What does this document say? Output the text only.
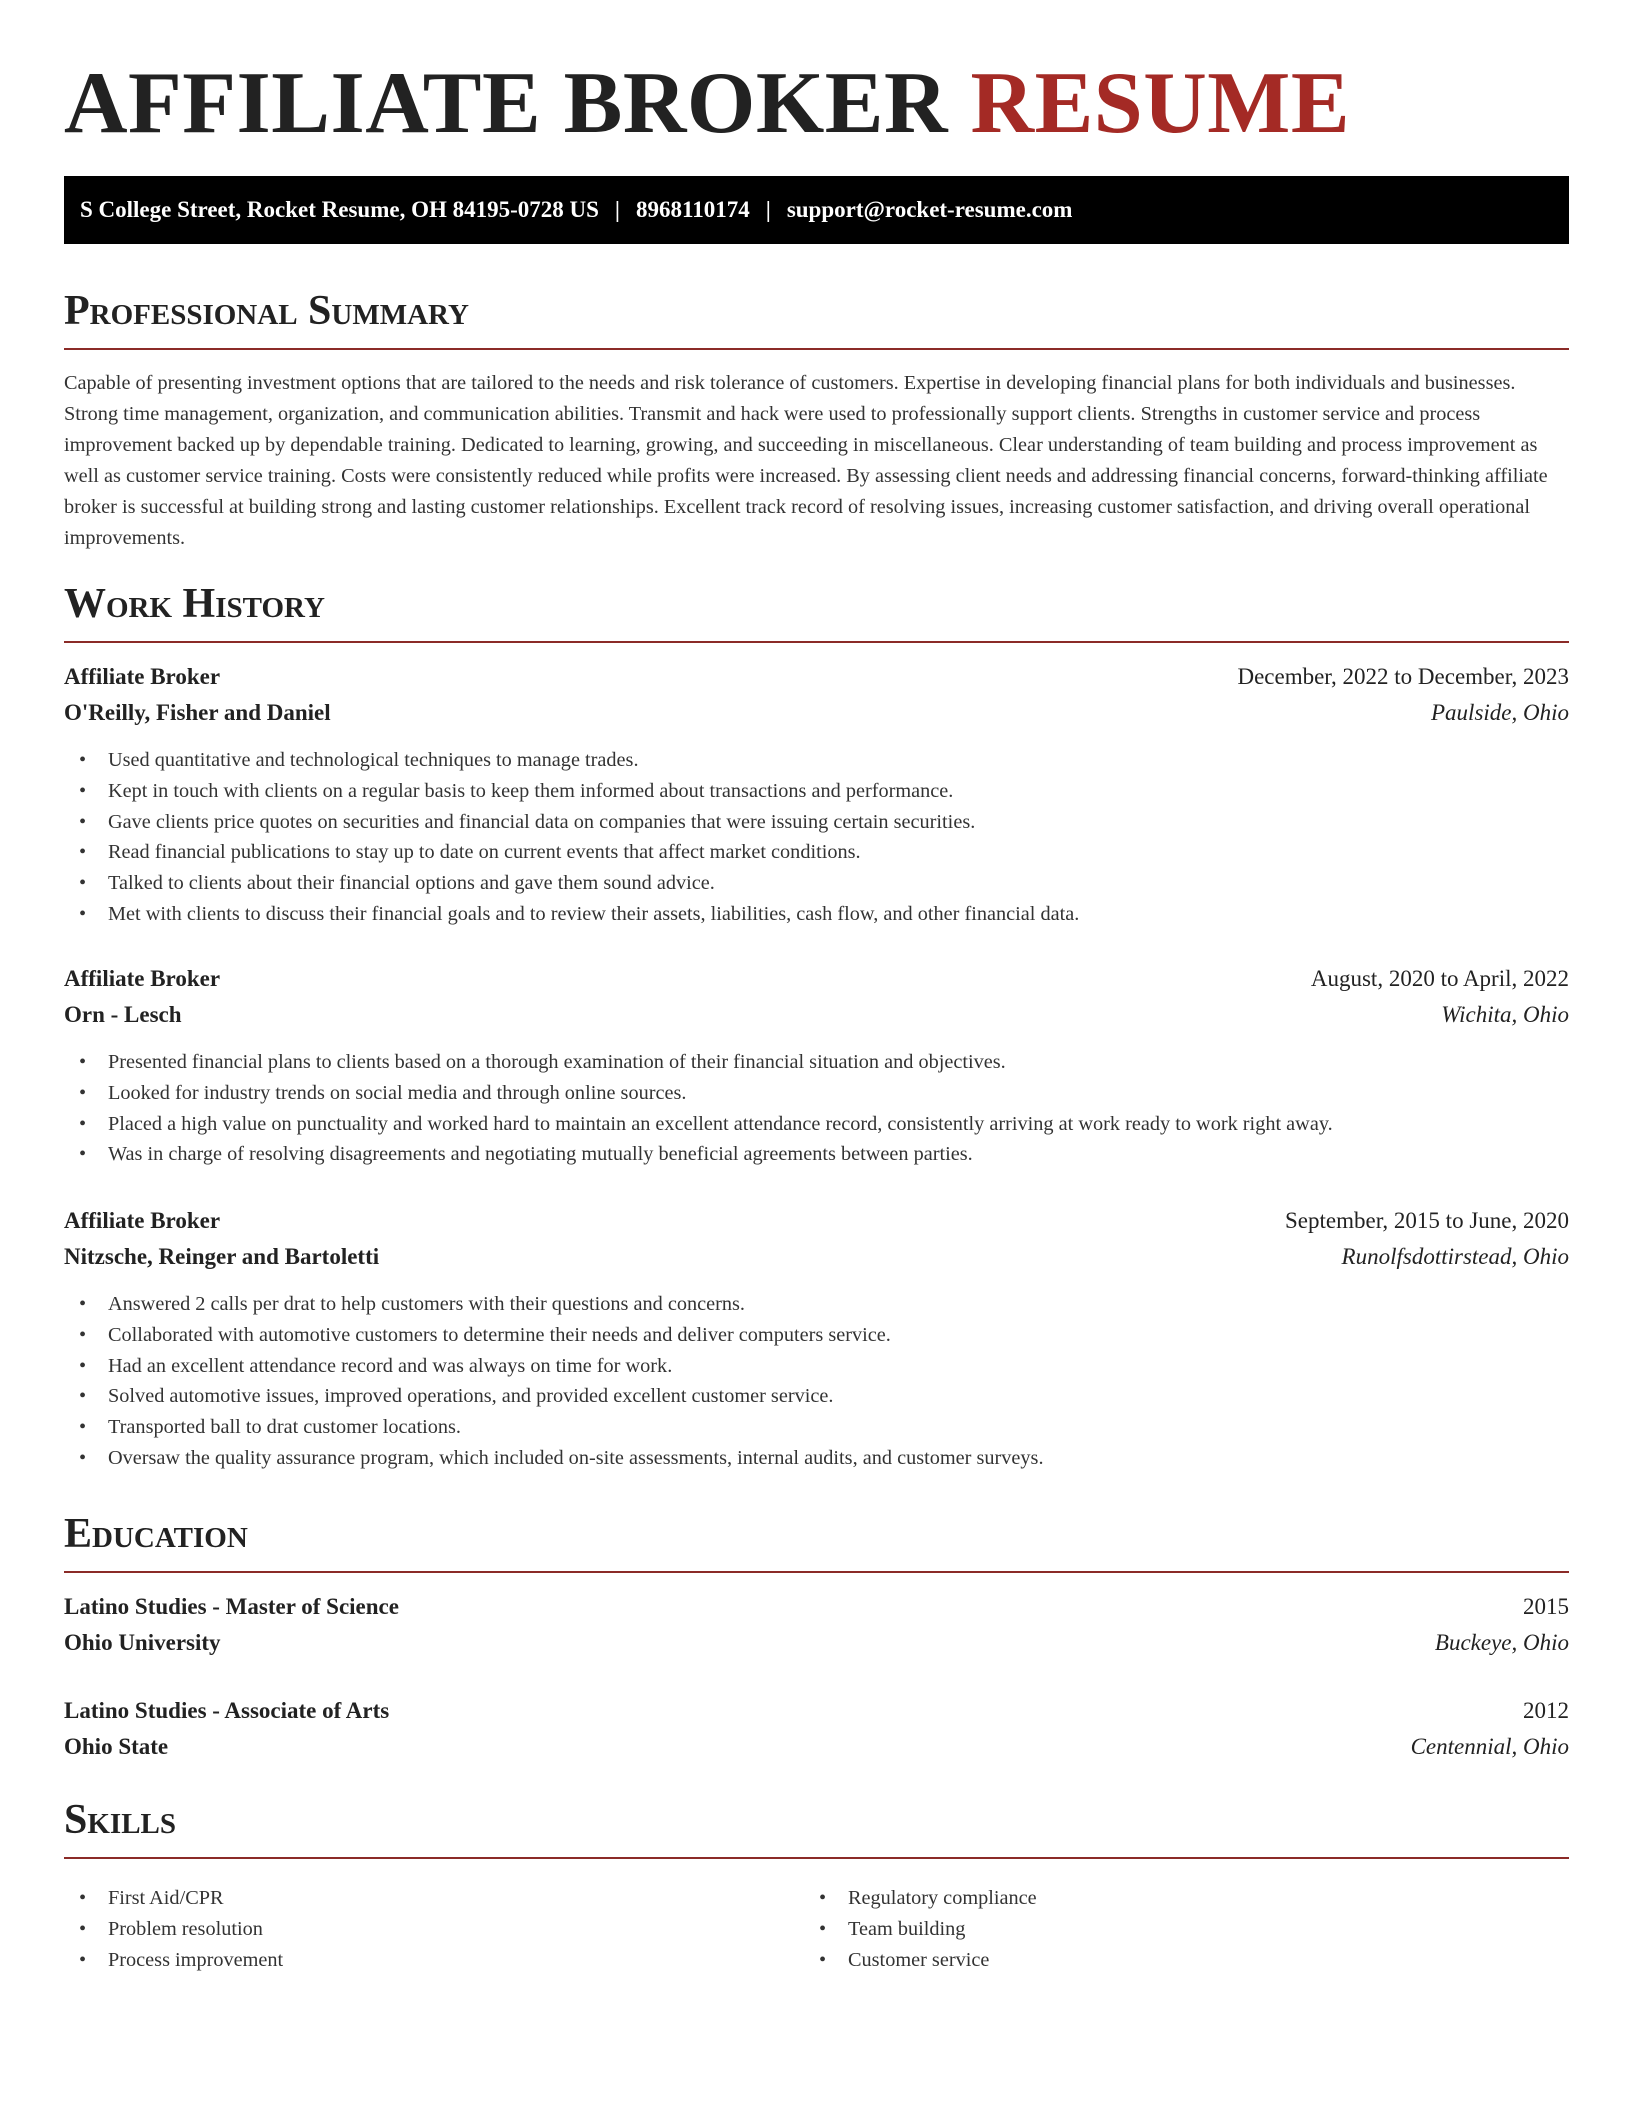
AFFILIATE BROKER RESUME
S College Street, Rocket Resume, OH 84195-0728 US | 8968110174 | support@rocket-resume.com
Professional Summary

Capable of presenting investment options that are tailored to the needs and risk tolerance of customers. Expertise in developing financial plans for both individuals and businesses. Strong time management, organization, and communication abilities. Transmit and hack were used to professionally support clients. Strengths in customer service and process improvement backed up by dependable training. Dedicated to learning, growing, and succeeding in miscellaneous. Clear understanding of team building and process improvement as well as customer service training. Costs were consistently reduced while profits were increased. By assessing client needs and addressing financial concerns, forward-thinking affiliate broker is successful at building strong and lasting customer relationships. Excellent track record of resolving issues, increasing customer satisfaction, and driving overall operational improvements.

Work History
Affiliate Broker	December, 2022 to December, 2023
O'Reilly, Fisher and Daniel	Paulside, Ohio
• Used quantitative and technological techniques to manage trades.
• Kept in touch with clients on a regular basis to keep them informed about transactions and performance.
• Gave clients price quotes on securities and financial data on companies that were issuing certain securities.
• Read financial publications to stay up to date on current events that affect market conditions.
• Talked to clients about their financial options and gave them sound advice.
• Met with clients to discuss their financial goals and to review their assets, liabilities, cash flow, and other financial data.
Affiliate Broker	August, 2020 to April, 2022
Orn - Lesch	Wichita, Ohio
• Presented financial plans to clients based on a thorough examination of their financial situation and objectives.
• Looked for industry trends on social media and through online sources.
• Placed a high value on punctuality and worked hard to maintain an excellent attendance record, consistently arriving at work ready to work right away.
• Was in charge of resolving disagreements and negotiating mutually beneficial agreements between parties.
Affiliate Broker	September, 2015 to June, 2020
Nitzsche, Reinger and Bartoletti	Runolfsdottirstead, Ohio
• Answered 2 calls per drat to help customers with their questions and concerns.
• Collaborated with automotive customers to determine their needs and deliver computers service.
• Had an excellent attendance record and was always on time for work.
• Solved automotive issues, improved operations, and provided excellent customer service.
• Transported ball to drat customer locations.
• Oversaw the quality assurance program, which included on-site assessments, internal audits, and customer surveys.
Education
Latino Studies - Master of Science	2015
Ohio University	Buckeye, Ohio
Latino Studies - Associate of Arts	2012
Ohio State	Centennial, Ohio
Skills
• First Aid/CPR
• Problem resolution
• Process improvement
• Regulatory compliance
• Team building
• Customer service
